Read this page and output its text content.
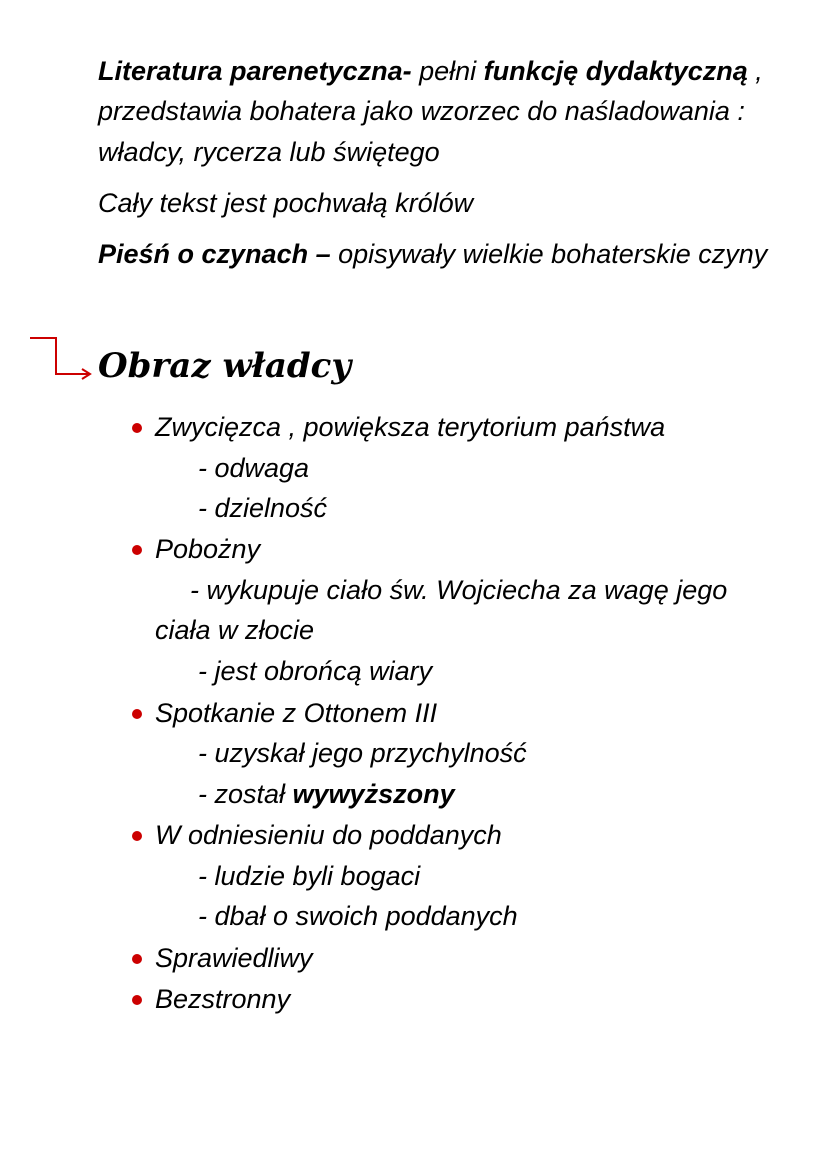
Literatura parenetyczna- pełni funkcję dydaktyczną ,
przedstawia bohatera jako wzorzec do naśladowania :
władcy, rycerza lub świętego
Cały tekst jest pochwałą królów
Pieśń o czynach – opisywały wielkie bohaterskie czyny
Obraz władcy
Zwycięzca , powiększa terytorium państwa
- odwaga
- dzielność
Pobożny
- wykupuje ciało św. Wojciecha za wagę jego
ciała w złocie
- jest obrońcą wiary
Spotkanie z Ottonem III
- uzyskał jego przychylność
- został wywyższony
W odniesieniu do poddanych
- ludzie byli bogaci
- dbał o swoich poddanych
Sprawiedliwy
Bezstronny
